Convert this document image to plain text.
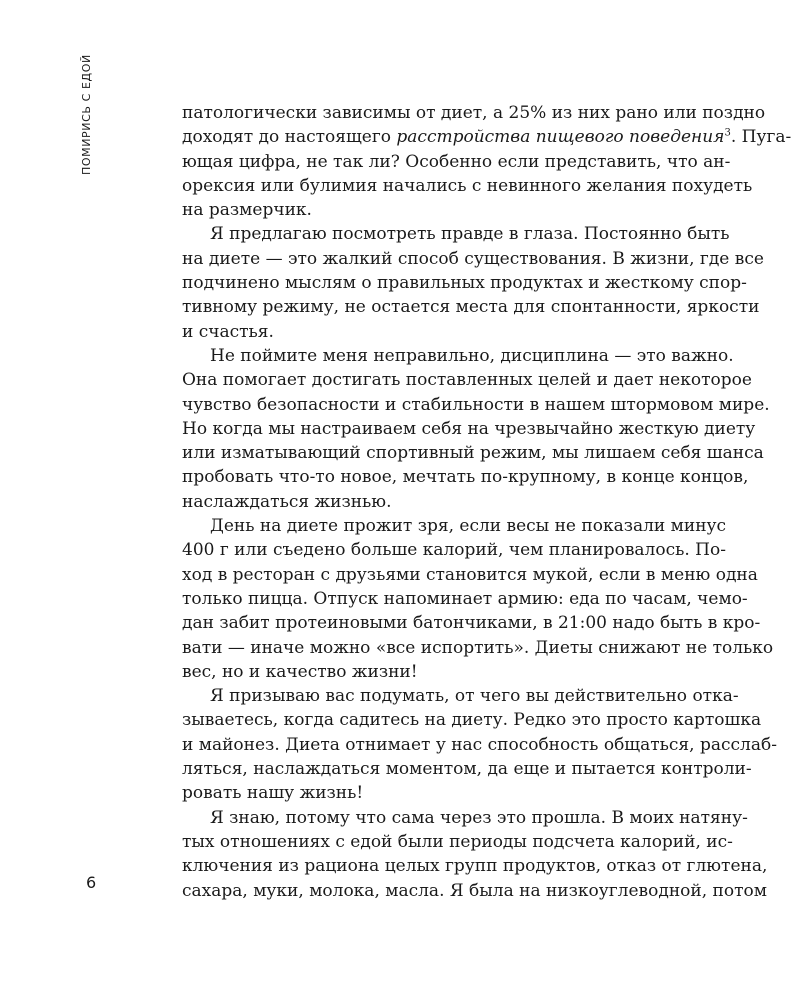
ПОМИРИСЬ С ЕДОЙ	патологически зависимы от диет, а 25% из них рано или поздно
доходят до настоящего расстройства пищевого поведения$^3$. Пуга-
ющая цифра, не так ли? Особенно если представить, что ан-
орексия или булимия начались с невинного желания похудеть
на размерчик.

Я предлагаю посмотреть правде в глаза. Постоянно быть
на диете — это жалкий способ существования. В жизни, где все
подчинено мыслям о правильных продуктах и жесткому спор-
тивному режиму, не остается места для спонтанности, яркости
и счастья.

Не поймите меня неправильно, дисциплина — это важно.
Она помогает достигать поставленных целей и дает некоторое
чувство безопасности и стабильности в нашем штормовом мире.
Но когда мы настраиваем себя на чрезвычайно жесткую диету
или изматывающий спортивный режим, мы лишаем себя шанса
пробовать что-то новое, мечтать по-крупному, в конце концов,
наслаждаться жизнью.

День на диете прожит зря, если весы не показали минус
400 г или съедено больше калорий, чем планировалось. По-
ход в ресторан с друзьями становится мукой, если в меню одна
только пицца. Отпуск напоминает армию: еда по часам, чемо-
дан забит протеиновыми батончиками, в 21:00 надо быть в кро-
вати — иначе можно «все испортить». Диеты снижают не только
вес, но и качество жизни!

Я призываю вас подумать, от чего вы действительно отка-
зываетесь, когда садитесь на диету. Редко это просто картошка
и майонез. Диета отнимает у нас способность общаться, расслаб-
ляться, наслаждаться моментом, да еще и пытается контроли-
ровать нашу жизнь!

Я знаю, потому что сама через это прошла. В моих натяну-
тых отношениях с едой были периоды подсчета калорий, ис-
ключения из рациона целых групп продуктов, отказ от глютена,
сахара, муки, молока, масла. Я была на низкоуглеводной, потом

6
